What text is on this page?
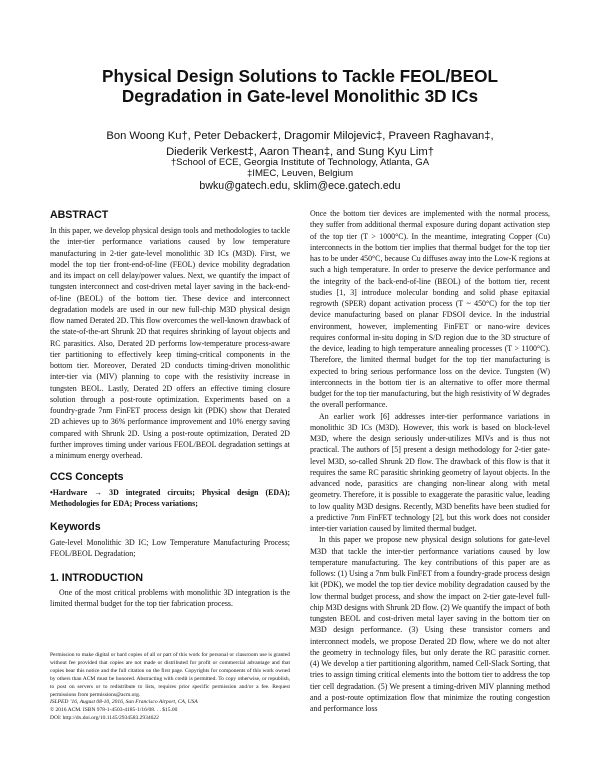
Physical Design Solutions to Tackle FEOL/BEOL
Degradation in Gate-level Monolithic 3D ICs
Bon Woong Ku†, Peter Debacker‡, Dragomir Milojevic‡, Praveen Raghavan‡,
Diederik Verkest‡, Aaron Thean‡, and Sung Kyu Lim†
†School of ECE, Georgia Institute of Technology, Atlanta, GA
‡IMEC, Leuven, Belgium
bwku@gatech.edu, sklim@ece.gatech.edu
ABSTRACT

In this paper, we develop physical design tools and methodologies to tackle the inter-tier performance variations caused by low temperature manufacturing in 2-tier gate-level monolithic 3D ICs (M3D). First, we model the top tier front-end-of-line (FEOL) device mobility degradation and its impact on cell delay/power values. Next, we quantify the impact of tungsten interconnect and cost-driven metal layer saving in the back-end-of-line (BEOL) of the bottom tier. These device and interconnect degradation models are used in our new full-chip M3D physical design flow named Derated 2D. This flow overcomes the well-known drawback of the state-of-the-art Shrunk 2D that requires shrinking of layout objects and RC parasitics. Also, Derated 2D performs low-temperature process-aware tier partitioning to effectively keep timing-critical components in the bottom tier. Moreover, Derated 2D conducts timing-driven monolithic inter-tier via (MIV) planning to cope with the resistivity increase in tungsten BEOL. Lastly, Derated 2D offers an effective timing closure solution through a post-route optimization. Experiments based on a foundry-grade 7nm FinFET process design kit (PDK) show that Derated 2D achieves up to 36% performance improvement and 10% energy saving compared with Shrunk 2D. Using a post-route optimization, Derated 2D further improves timing under various FEOL/BEOL degradation settings at a minimum energy overhead.

CCS Concepts

•Hardware → 3D integrated circuits; Physical design (EDA); Methodologies for EDA; Process variations;

Keywords

Gate-level Monolithic 3D IC; Low Temperature Manufacturing Process; FEOL/BEOL Degradation;

1. INTRODUCTION

One of the most critical problems with monolithic 3D integration is the limited thermal budget for the top tier fabrication process.

Permission to make digital or hard copies of all or part of this work for personal or classroom use is granted without fee provided that copies are not made or distributed for profit or commercial advantage and that copies bear this notice and the full citation on the first page. Copyrights for components of this work owned by others than ACM must be honored. Abstracting with credit is permitted. To copy otherwise, or republish, to post on servers or to redistribute to lists, requires prior specific permission and/or a fee. Request permissions from permissions@acm.org.

ISLPED ’16, August 08-10, 2016, San Francisco Airport, CA, USA

© 2016 ACM. ISBN 978-1-4503-4185-1/16/08. . . $15.00

DOI: http://dx.doi.org/10.1145/2934583.2934622

Once the bottom tier devices are implemented with the normal process, they suffer from additional thermal exposure during dopant activation step of the top tier (T > 1000°C). In the meantime, integrating Copper (Cu) interconnects in the bottom tier implies that thermal budget for the top tier has to be under 450°C, because Cu diffuses away into the Low-K regions at such a high temperature. In order to preserve the device performance and the integrity of the back-end-of-line (BEOL) of the bottom tier, recent studies [1, 3] introduce molecular bonding and solid phase epitaxial regrowth (SPER) dopant activation process (T ~ 450°C) for the top tier device manufacturing based on planar FDSOI device. In the industrial environment, however, implementing FinFET or nano-wire devices requires conformal in-situ doping in S/D region due to the 3D structure of the device, leading to high temperature annealing processes (T > 1100°C). Therefore, the limited thermal budget for the top tier manufacturing is expected to bring serious performance loss on the device. Tungsten (W) interconnects in the bottom tier is an alternative to offer more thermal budget for the top tier manufacturing, but the high resistivity of W degrades the overall performance.

An earlier work [6] addresses inter-tier performance variations in monolithic 3D ICs (M3D). However, this work is based on block-level M3D, where the design seriously under-utilizes MIVs and is thus not practical. The authors of [5] present a design methodology for 2-tier gate-level M3D, so-called Shrunk 2D flow. The drawback of this flow is that it requires the same RC parasitic shrinking geometry of layout objects. In the advanced node, parasitics are changing non-linear along with metal geometry. Therefore, it is possible to exaggerate the parasitic value, leading to low quality M3D designs. Recently, M3D benefits have been studied for a predictive 7nm FinFET technology [2], but this work does not consider inter-tier variation caused by limited thermal budget.

In this paper we propose new physical design solutions for gate-level M3D that tackle the inter-tier performance variations caused by low temperature manufacturing. The key contributions of this paper are as follows: (1) Using a 7nm bulk FinFET from a foundry-grade process design kit (PDK), we model the top tier device mobility degradation caused by the low thermal budget process, and show the impact on 2-tier gate-level full-chip M3D designs with Shrunk 2D flow. (2) We quantify the impact of both tungsten BEOL and cost-driven metal layer saving in the bottom tier on M3D design performance. (3) Using these transistor corners and interconnect models, we propose Derated 2D flow, where we do not alter the geometry in technology files, but only derate the RC parasitic corner. (4) We develop a tier partitioning algorithm, named Cell-Slack Sorting, that tries to assign timing critical elements into the bottom tier to address the top tier cell degradation. (5) We present a timing-driven MIV planning method and a post-route optimization flow that minimize the routing congestion and performance loss
